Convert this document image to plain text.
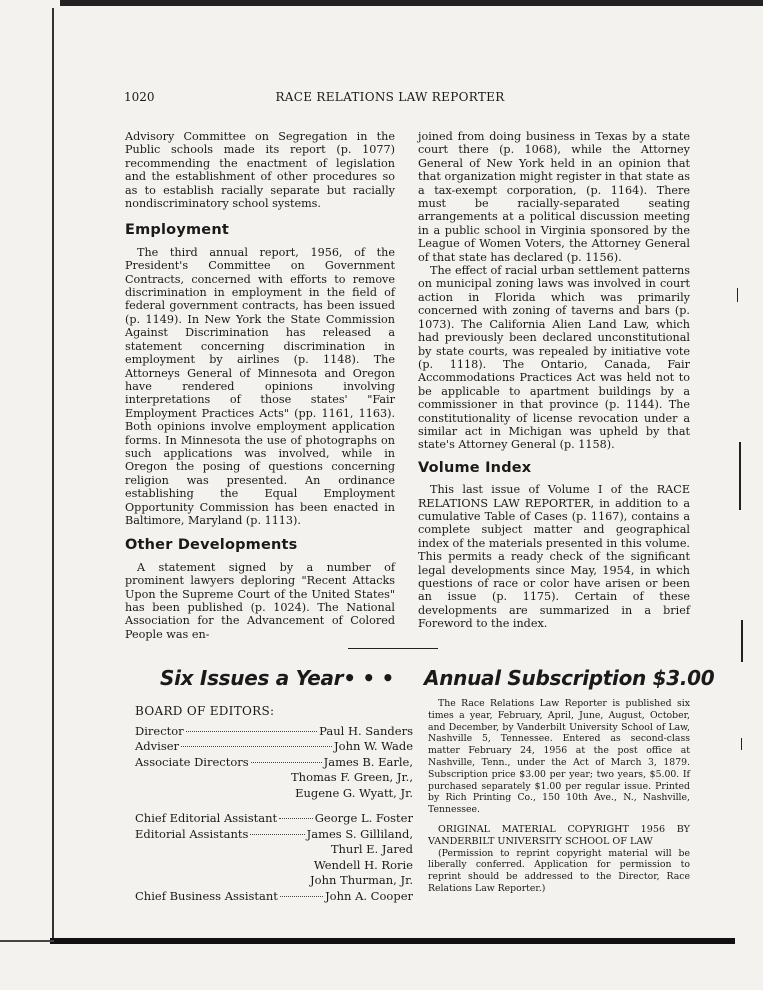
1020	RACE RELATIONS LAW REPORTER

Advisory Committee on Segregation in the Public schools made its report (p. 1077) recommending the enactment of legislation and the establishment of other procedures so as to establish racially separate but racially nondiscriminatory school systems.

Employment

The third annual report, 1956, of the President's Committee on Government Contracts, concerned with efforts to remove discrimination in employment in the field of federal government contracts, has been issued (p. 1149). In New York the State Commission Against Discrimination has released a statement concerning discrimination in employment by airlines (p. 1148). The Attorneys General of Minnesota and Oregon have rendered opinions involving interpretations of those states' "Fair Employment Practices Acts" (pp. 1161, 1163). Both opinions involve employment application forms. In Minnesota the use of photographs on such applications was involved, while in Oregon the posing of questions concerning religion was presented. An ordinance establishing the Equal Employment Opportunity Commission has been enacted in Baltimore, Maryland (p. 1113).

Other Developments

A statement signed by a number of prominent lawyers deploring "Recent Attacks Upon the Supreme Court of the United States" has been published (p. 1024). The National Association for the Advancement of Colored People was en-

joined from doing business in Texas by a state court there (p. 1068), while the Attorney General of New York held in an opinion that that organization might register in that state as a tax-exempt corporation, (p. 1164). There must be racially-separated seating arrangements at a political discussion meeting in a public school in Virginia sponsored by the League of Women Voters, the Attorney General of that state has declared (p. 1156).

The effect of racial urban settlement patterns on municipal zoning laws was involved in court action in Florida which was primarily concerned with zoning of taverns and bars (p. 1073). The California Alien Land Law, which had previously been declared unconstitutional by state courts, was repealed by initiative vote (p. 1118). The Ontario, Canada, Fair Accommodations Practices Act was held not to be applicable to apartment buildings by a commissioner in that province (p. 1144). The constitutionality of license revocation under a similar act in Michigan was upheld by that state's Attorney General (p. 1158).

Volume Index

This last issue of Volume I of the RACE RELATIONS LAW REPORTER, in addition to a cumulative Table of Cases (p. 1167), contains a complete subject matter and geographical index of the materials presented in this volume. This permits a ready check of the significant legal developments since May, 1954, in which questions of race or color have arisen or been an issue (p. 1175). Certain of these developments are summarized in a brief Foreword to the index.

Six Issues a Year• • • Annual Subscription $3.00
BOARD OF EDITORS:
Director	Paul H. Sanders
Adviser	John W. Wade
Associate Directors	James B. Earle,
Thomas F. Green, Jr.,
Eugene G. Wyatt, Jr.
Chief Editorial Assistant	George L. Foster
Editorial Assistants	James S. Gilliland,
Thurl E. Jared
Wendell H. Rorie
John Thurman, Jr.
Chief Business Assistant	John A. Cooper

The Race Relations Law Reporter is published six times a year, February, April, June, August, October, and December, by Vanderbilt University School of Law, Nashville 5, Tennessee. Entered as second-class matter February 24, 1956 at the post office at Nashville, Tenn., under the Act of March 3, 1879. Subscription price $3.00 per year; two years, $5.00. If purchased separately $1.00 per regular issue. Printed by Rich Printing Co., 150 10th Ave., N., Nashville, Tennessee.

ORIGINAL MATERIAL COPYRIGHT 1956 BY VANDERBILT UNIVERSITY SCHOOL OF LAW

(Permission to reprint copyright material will be liberally conferred. Application for permission to reprint should be addressed to the Director, Race Relations Law Reporter.)
